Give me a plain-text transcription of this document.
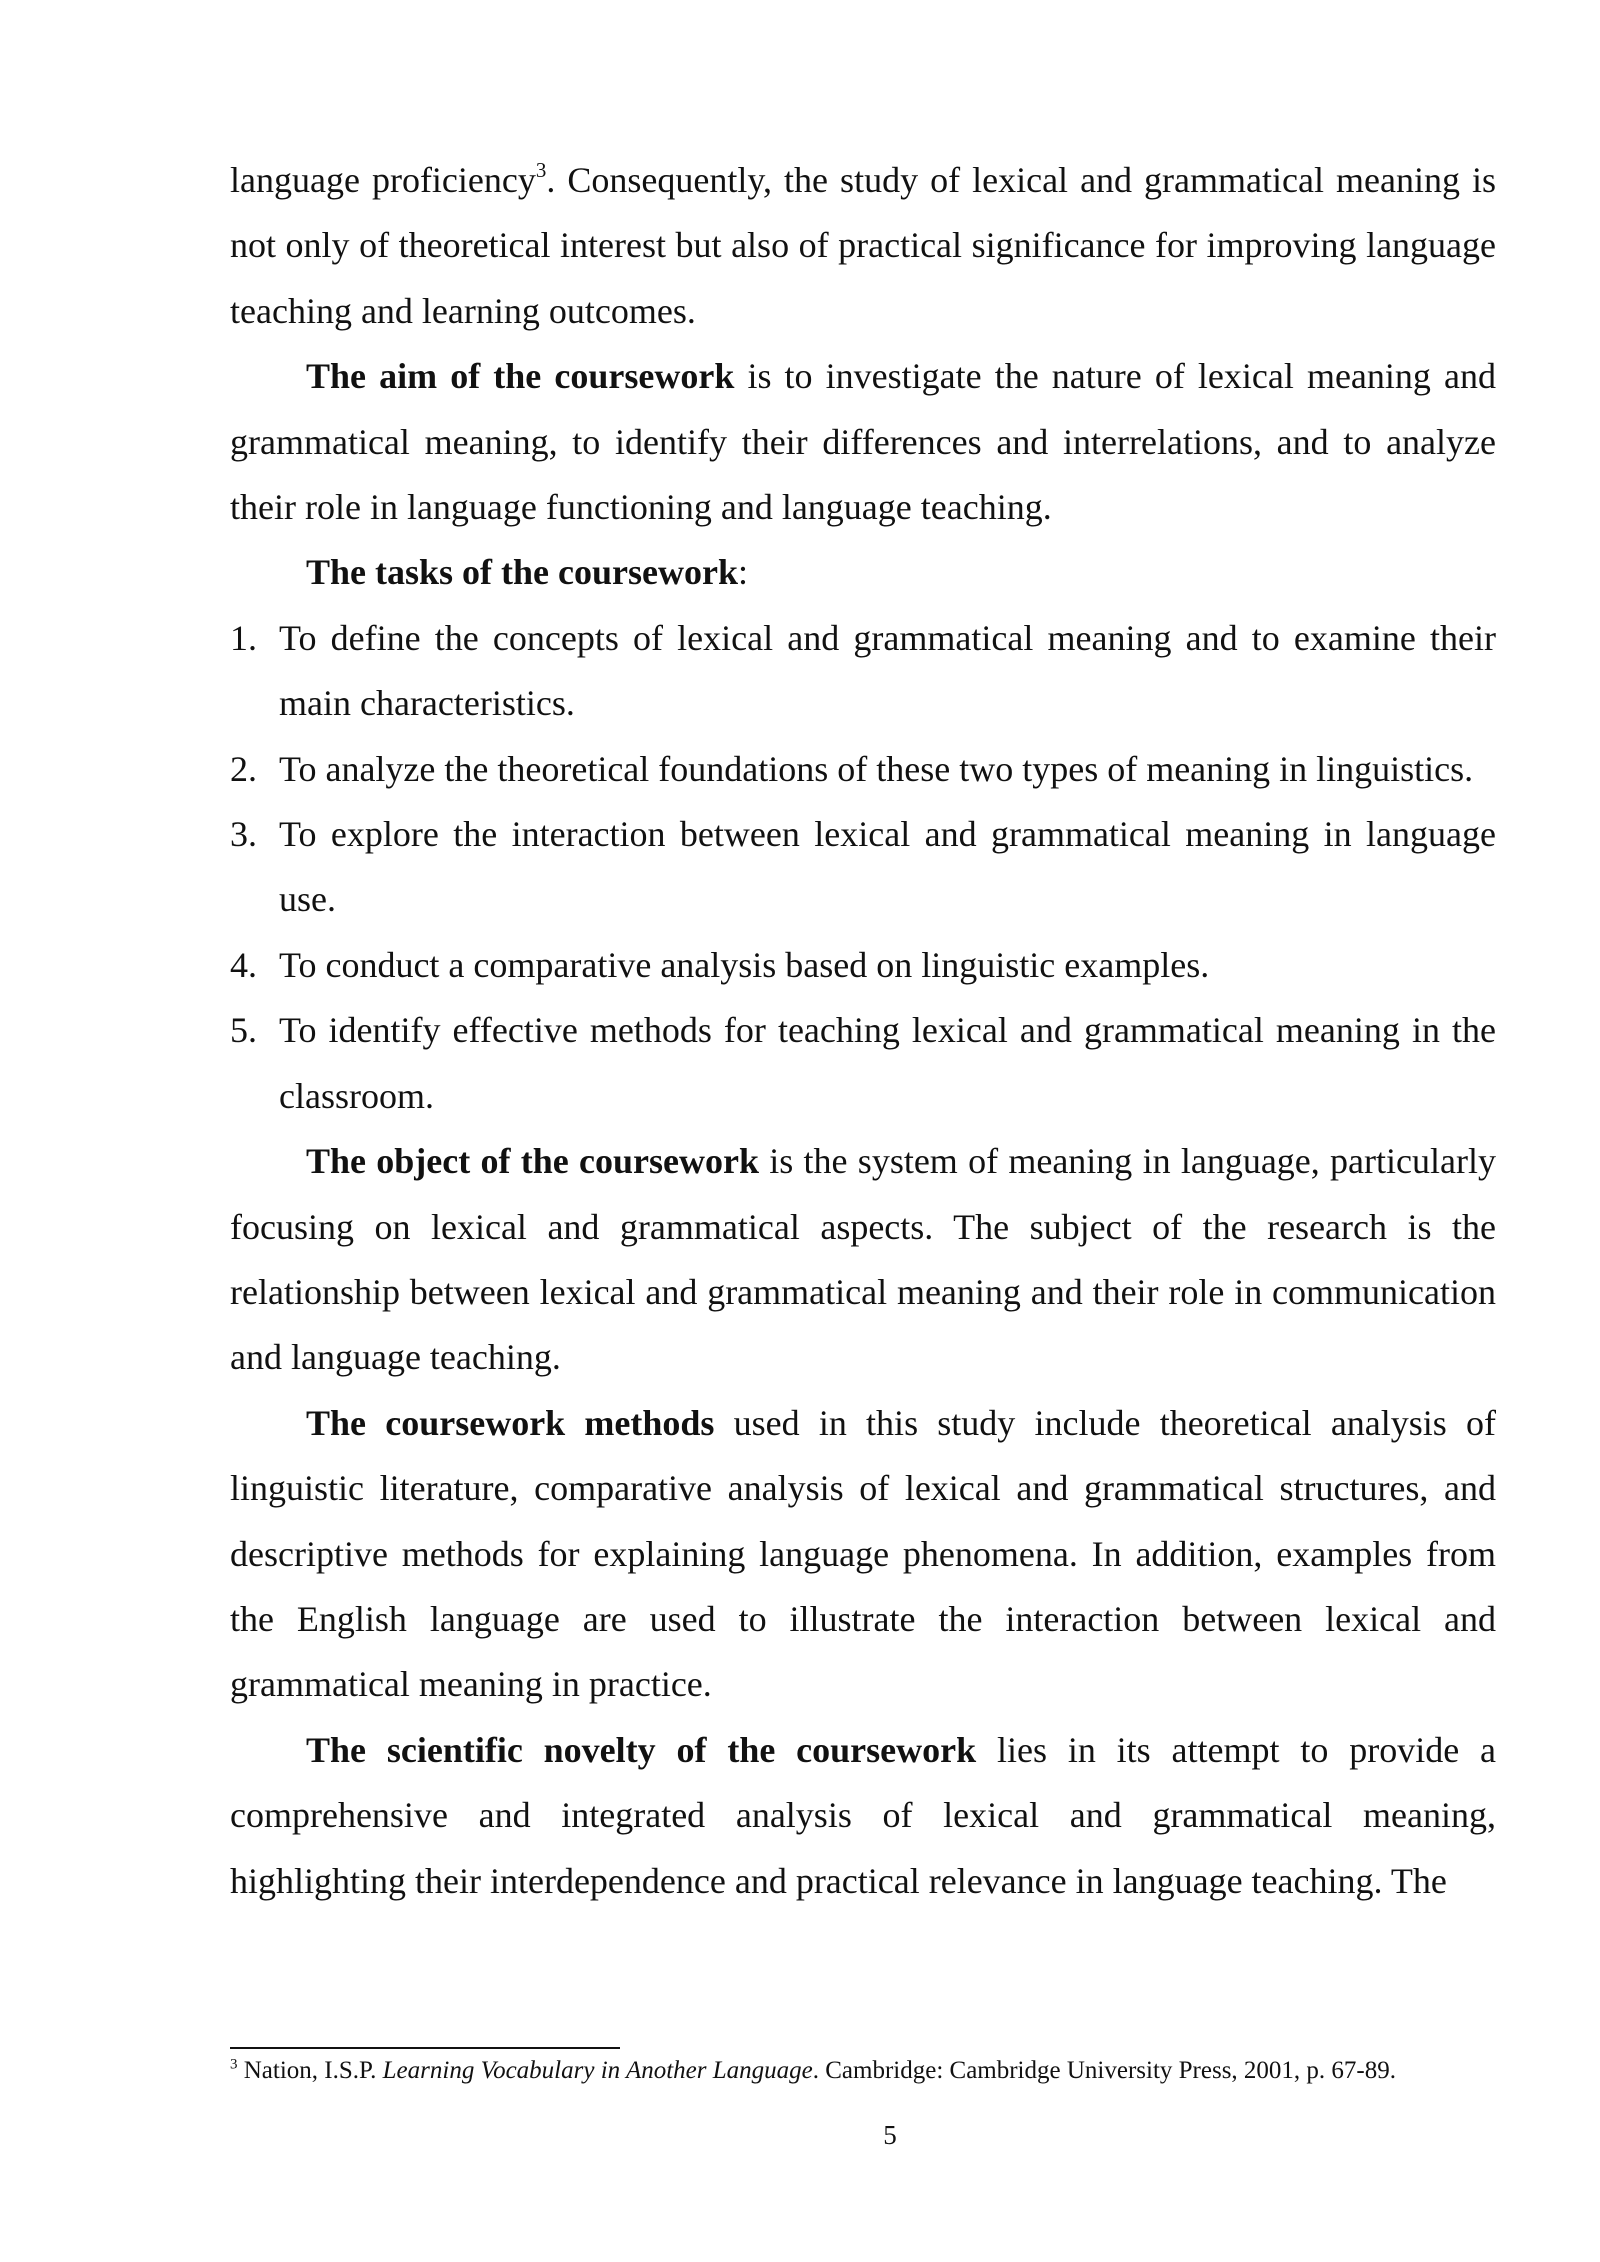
language proficiency$^3$. Consequently, the study of lexical and grammatical meaning is not only of theoretical interest but also of practical significance for improving language teaching and learning outcomes.

The aim of the coursework is to investigate the nature of lexical meaning and grammatical meaning, to identify their differences and interrelations, and to analyze their role in language functioning and language teaching.

The tasks of the coursework:

1. To define the concepts of lexical and grammatical meaning and to examine their main characteristics.
2. To analyze the theoretical foundations of these two types of meaning in linguistics.
3. To explore the interaction between lexical and grammatical meaning in language use.
4. To conduct a comparative analysis based on linguistic examples.
5. To identify effective methods for teaching lexical and grammatical meaning in the classroom.

The object of the coursework is the system of meaning in language, particularly focusing on lexical and grammatical aspects. The subject of the research is the relationship between lexical and grammatical meaning and their role in communication and language teaching.

The coursework methods used in this study include theoretical analysis of linguistic literature, comparative analysis of lexical and grammatical structures, and descriptive methods for explaining language phenomena. In addition, examples from the English language are used to illustrate the interaction between lexical and grammatical meaning in practice.

The scientific novelty of the coursework lies in its attempt to provide a comprehensive and integrated analysis of lexical and grammatical meaning, highlighting their interdependence and practical relevance in language teaching. The

$^3$ Nation, I.S.P. Learning Vocabulary in Another Language. Cambridge: Cambridge University Press, 2001, p. 67-89.
5
